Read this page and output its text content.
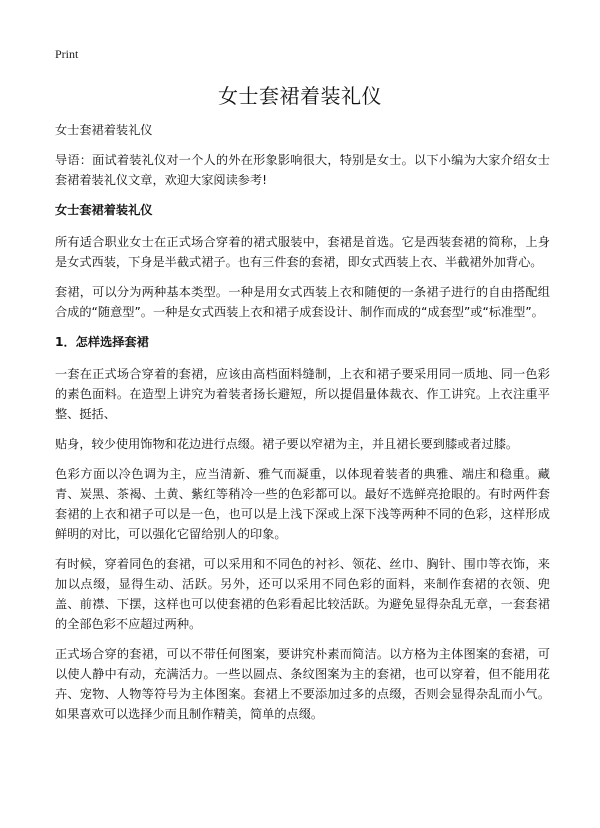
Print
女士套裙着装礼仪

女士套裙着装礼仪

导语：面试着装礼仪对一个人的外在形象影响很大，特别是女士。以下小编为大家介绍女士套裙着装礼仪文章，欢迎大家阅读参考!

女士套裙着装礼仪

所有适合职业女士在正式场合穿着的裙式服装中，套裙是首选。它是西装套裙的简称，上身是女式西装，下身是半截式裙子。也有三件套的套裙，即女式西装上衣、半截裙外加背心。

套裙，可以分为两种基本类型。一种是用女式西装上衣和随便的一条裙子进行的自由搭配组合成的“随意型”。一种是女式西装上衣和裙子成套设计、制作而成的“成套型”或“标准型”。

1．怎样选择套裙

一套在正式场合穿着的套裙，应该由高档面料缝制，上衣和裙子要采用同一质地、同一色彩的素色面料。在造型上讲究为着装者扬长避短，所以提倡量体裁衣、作工讲究。上衣注重平整、挺括、

贴身，较少使用饰物和花边进行点缀。裙子要以窄裙为主，并且裙长要到膝或者过膝。

色彩方面以冷色调为主，应当清新、雅气而凝重，以体现着装者的典雅、端庄和稳重。藏青、炭黑、茶褐、土黄、紫红等稍冷一些的色彩都可以。最好不选鲜亮抢眼的。有时两件套套裙的上衣和裙子可以是一色，也可以是上浅下深或上深下浅等两种不同的色彩，这样形成鲜明的对比，可以强化它留给别人的印象。

有时候，穿着同色的套裙，可以采用和不同色的衬衫、领花、丝巾、胸针、围巾等衣饰，来加以点缀，显得生动、活跃。另外，还可以采用不同色彩的面料，来制作套裙的衣领、兜盖、前襟、下摆，这样也可以使套裙的色彩看起比较活跃。为避免显得杂乱无章，一套套裙的全部色彩不应超过两种。

正式场合穿的套裙，可以不带任何图案，要讲究朴素而简洁。以方格为主体图案的套裙，可以使人静中有动，充满活力。一些以圆点、条纹图案为主的套裙，也可以穿着，但不能用花卉、宠物、人物等符号为主体图案。套裙上不要添加过多的点缀，否则会显得杂乱而小气。如果喜欢可以选择少而且制作精美，简单的点缀。
